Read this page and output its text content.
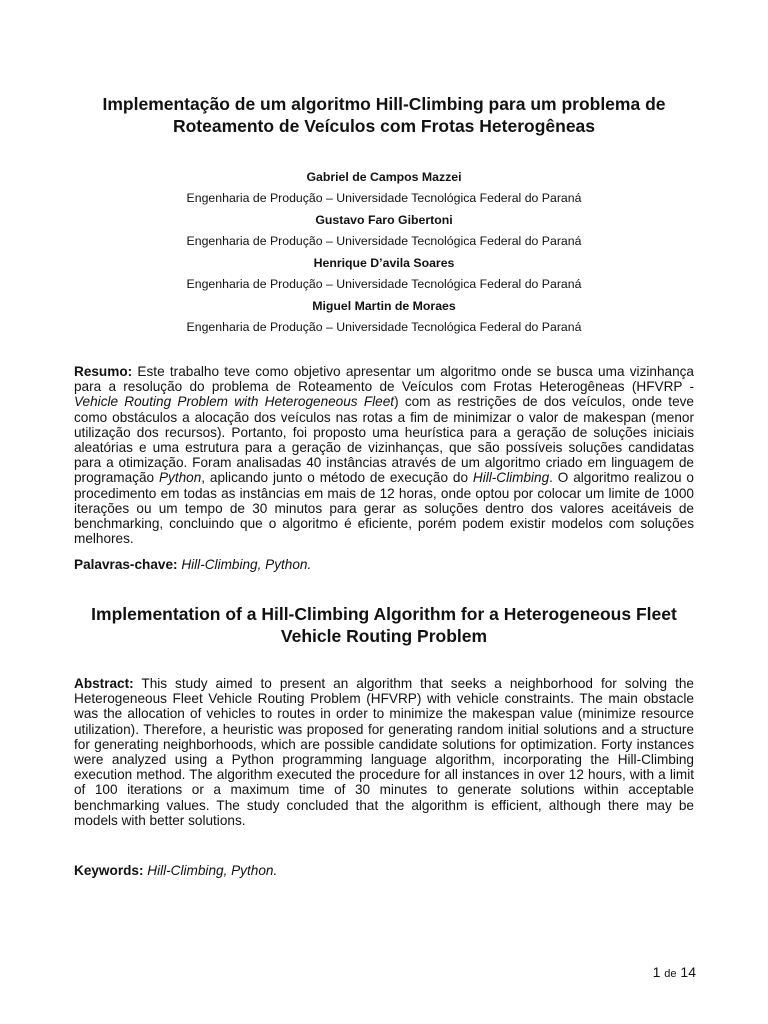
Implementação de um algoritmo Hill-Climbing para um problema de Roteamento de Veículos com Frotas Heterogêneas
Gabriel de Campos Mazzei
Engenharia de Produção – Universidade Tecnológica Federal do Paraná
Gustavo Faro Gibertoni
Engenharia de Produção – Universidade Tecnológica Federal do Paraná
Henrique D’avila Soares
Engenharia de Produção – Universidade Tecnológica Federal do Paraná
Miguel Martin de Moraes
Engenharia de Produção – Universidade Tecnológica Federal do Paraná

Resumo: Este trabalho teve como objetivo apresentar um algoritmo onde se busca uma vizinhança para a resolução do problema de Roteamento de Veículos com Frotas Heterogêneas (HFVRP - Vehicle Routing Problem with Heterogeneous Fleet) com as restrições de dos veículos, onde teve como obstáculos a alocação dos veículos nas rotas a fim de minimizar o valor de makespan (menor utilização dos recursos). Portanto, foi proposto uma heurística para a geração de soluções iniciais aleatórias e uma estrutura para a geração de vizinhanças, que são possíveis soluções candidatas para a otimização. Foram analisadas 40 instâncias através de um algoritmo criado em linguagem de programação Python, aplicando junto o método de execução do Hill-Climbing. O algoritmo realizou o procedimento em todas as instâncias em mais de 12 horas, onde optou por colocar um limite de 1000 iterações ou um tempo de 30 minutos para gerar as soluções dentro dos valores aceitáveis de benchmarking, concluindo que o algoritmo é eficiente, porém podem existir modelos com soluções melhores.

Palavras-chave: Hill-Climbing, Python.

Implementation of a Hill-Climbing Algorithm for a Heterogeneous Fleet Vehicle Routing Problem

Abstract: This study aimed to present an algorithm that seeks a neighborhood for solving the Heterogeneous Fleet Vehicle Routing Problem (HFVRP) with vehicle constraints. The main obstacle was the allocation of vehicles to routes in order to minimize the makespan value (minimize resource utilization). Therefore, a heuristic was proposed for generating random initial solutions and a structure for generating neighborhoods, which are possible candidate solutions for optimization. Forty instances were analyzed using a Python programming language algorithm, incorporating the Hill-Climbing execution method. The algorithm executed the procedure for all instances in over 12 hours, with a limit of 100 iterations or a maximum time of 30 minutes to generate solutions within acceptable benchmarking values. The study concluded that the algorithm is efficient, although there may be models with better solutions.

Keywords: Hill-Climbing, Python.

1 de 14
